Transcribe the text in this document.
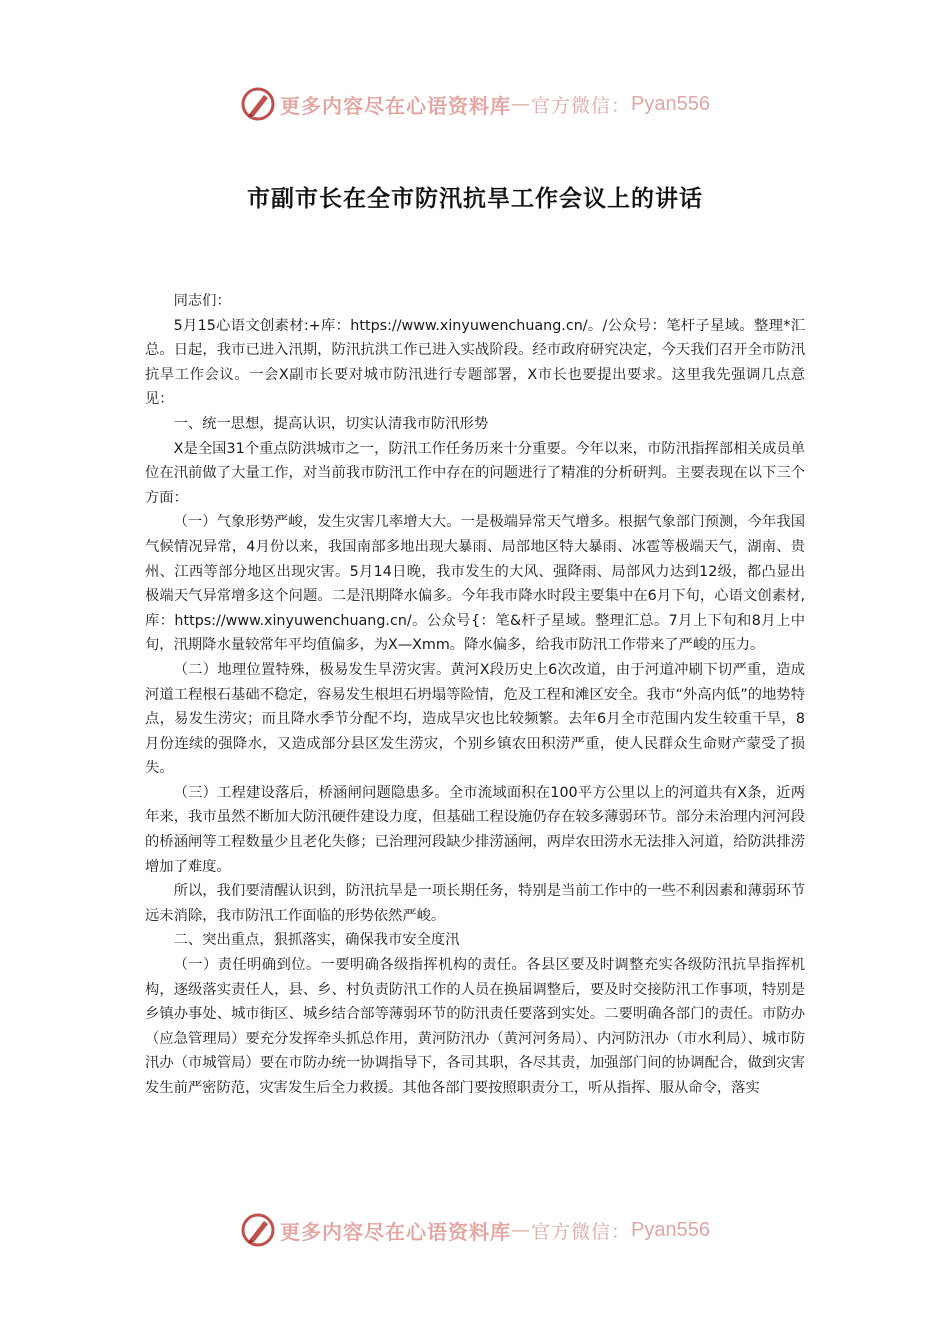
更多内容尽在心语资料库 — 官方微信： Pyan556
市副市长在全市防汛抗旱工作会议上的讲话

同志们：

5月15心语文创素材:+库：https://www.xinyuwenchuang.cn/。/公众号：笔杆子星域。整理*汇总。日起，我市已进入汛期，防汛抗洪工作已进入实战阶段。经市政府研究决定，今天我们召开全市防汛抗旱工作会议。一会X副市长要对城市防汛进行专题部署，X市长也要提出要求。这里我先强调几点意见：

一、统一思想，提高认识，切实认清我市防汛形势

X是全国31个重点防洪城市之一，防汛工作任务历来十分重要。今年以来，市防汛指挥部相关成员单位在汛前做了大量工作，对当前我市防汛工作中存在的问题进行了精准的分析研判。主要表现在以下三个方面：

（一）气象形势严峻，发生灾害几率增大大。一是极端异常天气增多。根据气象部门预测，今年我国气候情况异常，4月份以来，我国南部多地出现大暴雨、局部地区特大暴雨、冰雹等极端天气，湖南、贵州、江西等部分地区出现灾害。5月14日晚，我市发生的大风、强降雨、局部风力达到12级，都凸显出极端天气异常增多这个问题。二是汛期降水偏多。今年我市降水时段主要集中在6月下旬，心语文创素材,库：https://www.xinyuwenchuang.cn/。公众号{：笔&杆子星域。整理汇总。7月上下旬和8月上中旬，汛期降水量较常年平均值偏多，为X—Xmm。降水偏多，给我市防汛工作带来了严峻的压力。

（二）地理位置特殊，极易发生旱涝灾害。黄河X段历史上6次改道，由于河道冲刷下切严重，造成河道工程根石基础不稳定，容易发生根坦石坍塌等险情，危及工程和滩区安全。我市“外高内低”的地势特点，易发生涝灾；而且降水季节分配不均，造成旱灾也比较频繁。去年6月全市范围内发生较重干旱，8月份连续的强降水，又造成部分县区发生涝灾，个别乡镇农田积涝严重，使人民群众生命财产蒙受了损失。

（三）工程建设落后，桥涵闸问题隐患多。全市流域面积在100平方公里以上的河道共有X条，近两年来，我市虽然不断加大防汛硬件建设力度，但基础工程设施仍存在较多薄弱环节。部分未治理内河河段的桥涵闸等工程数量少且老化失修；已治理河段缺少排涝涵闸，两岸农田涝水无法排入河道，给防洪排涝增加了难度。

所以，我们要清醒认识到，防汛抗旱是一项长期任务，特别是当前工作中的一些不利因素和薄弱环节远未消除，我市防汛工作面临的形势依然严峻。

二、突出重点，狠抓落实，确保我市安全度汛

（一）责任明确到位。一要明确各级指挥机构的责任。各县区要及时调整充实各级防汛抗旱指挥机构，逐级落实责任人，县、乡、村负责防汛工作的人员在换届调整后，要及时交接防汛工作事项，特别是乡镇办事处、城市街区、城乡结合部等薄弱环节的防汛责任要落到实处。二要明确各部门的责任。市防办（应急管理局）要充分发挥牵头抓总作用，黄河防汛办（黄河河务局）、内河防汛办（市水利局）、城市防汛办（市城管局）要在市防办统一协调指导下，各司其职，各尽其责，加强部门间的协调配合，做到灾害发生前严密防范，灾害发生后全力救援。其他各部门要按照职责分工，听从指挥、服从命令，落实

更多内容尽在心语资料库 — 官方微信： Pyan556
